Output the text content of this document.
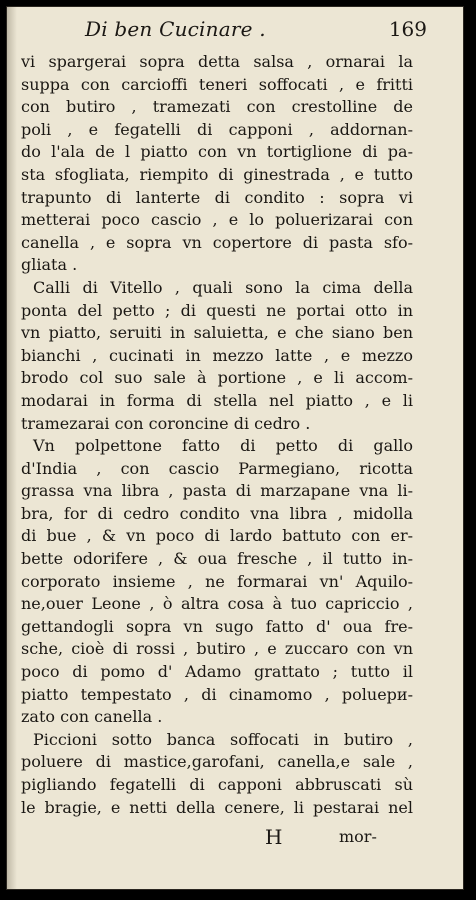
Di ben Cucinare .	169
vi spargerai sopra detta salsa , ornarai la
suppa con carcioffi teneri soffocati , e fritti
con butiro , tramezati con crestolline de
poli , e fegatelli di capponi , addornan-
do l'ala de l piatto con vn tortiglione di pa-
sta sfogliata, riempito di ginestrada , e tutto
trapunto di lanterte di condito : sopra vi
metterai poco cascio , e lo poluerizarai con
canella , e sopra vn copertore di pasta sfo-
gliata .
Calli di Vitello , quali sono la cima della
ponta del petto ; di questi ne portai otto in
vn piatto, seruiti in saluietta, e che siano ben
bianchi , cucinati in mezzo latte , e mezzo
brodo col suo sale à portione , e li accom-
modarai in forma di stella nel piatto , e li
tramezarai con coroncine di cedro .
Vn polpettone fatto di petto di gallo
d'India , con cascio Parmegiano, ricotta
grassa vna libra , pasta di marzapane vna li-
bra, for di cedro condito vna libra , midolla
di bue , & vn poco di lardo battuto con er-
bette odorifere , & oua fresche , il tutto in-
corporato insieme , ne formarai vn' Aquilo-
ne,ouer Leone , ò altra cosa à tuo capriccio ,
gettandogli sopra vn sugo fatto d' oua fre-
sche, cioè di rossi , butiro , e zuccaro con vn
poco di pomo d' Adamo grattato ; tutto il
piatto tempestato , di cinamomo , poluери-
zato con canella .
Piccioni sotto banca soffocati in butiro ,
poluere di mastice,garofani, canella,e sale ,
pigliando fegatelli di capponi abbruscati sù
le bragie, e netti della cenere, li pestarai nel
H	mor-
